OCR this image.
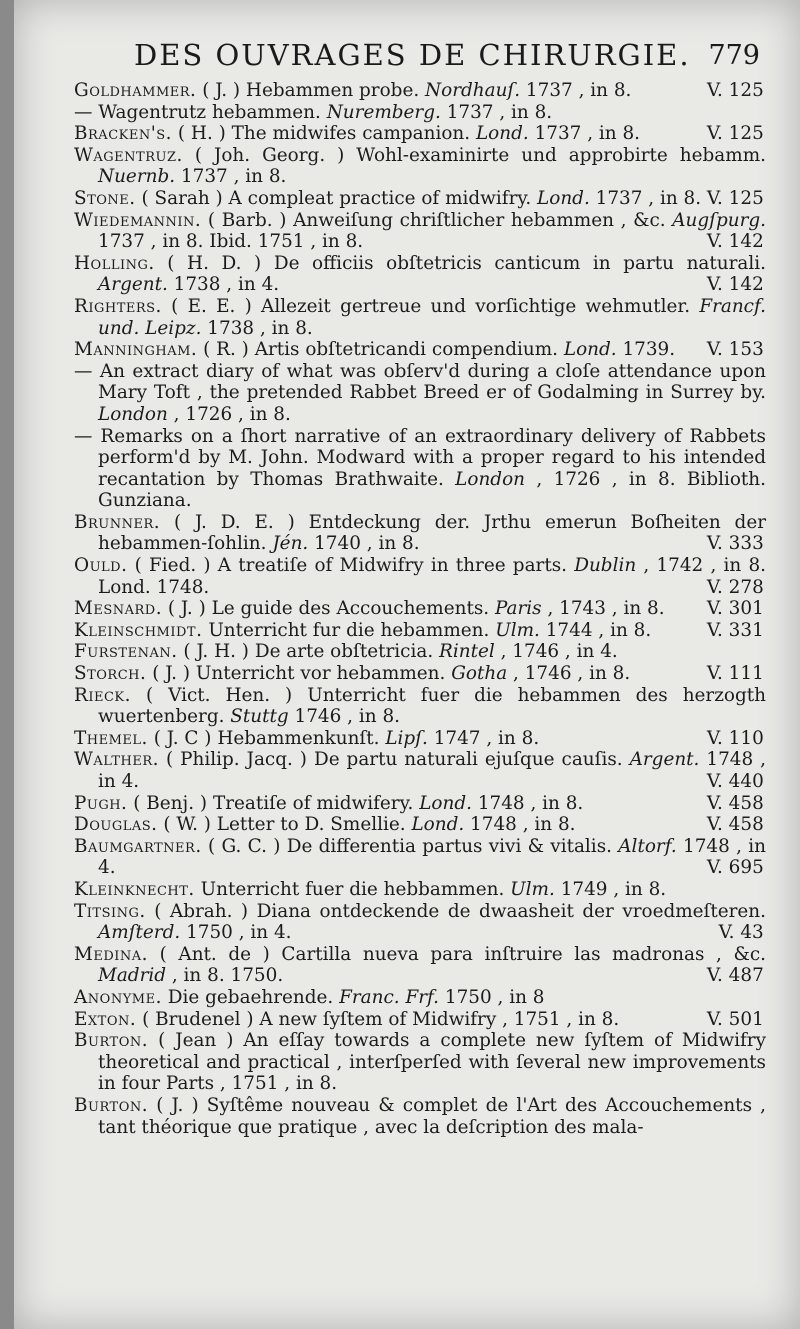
DES OUVRAGES DE CHIRURGIE. 779
Goldhammer. ( J. ) Hebammen probe. Nordhauſ. 1737 , in 8.	V. 125
— Wagentrutz hebammen. Nuremberg. 1737 , in 8.
Bracken's. ( H. ) The midwifes campanion. Lond. 1737 , in 8.	V. 125
Wagentruz. ( Joh. Georg. ) Wohl-examinirte und approbirte hebamm. Nuernb. 1737 , in 8.
Stone. ( Sarah ) A compleat practice of midwifry. Lond. 1737 , in 8. V. 125
Wiedemannin. ( Barb. ) Anweiſung chriſtlicher hebammen , &c. Augſpurg. 1737 , in 8. Ibid. 1751 , in 8.	V. 142
Holling. ( H. D. ) De officiis obſtetricis canticum in partu naturali. Argent. 1738 , in 4.	V. 142
Righters. ( E. E. ) Allezeit gertreue und vorſichtige wehmutler. Francf. und. Leipz. 1738 , in 8.
Manningham. ( R. ) Artis obſtetricandi compendium. Lond. 1739. V. 153
— An extract diary of what was obſerv'd during a cloſe attendance upon Mary Toft , the pretended Rabbet Breed er of Godalming in Surrey by. London , 1726 , in 8.
— Remarks on a ſhort narrative of an extraordinary delivery of Rabbets perform'd by M. John. Modward with a proper regard to his intended recantation by Thomas Brathwaite. London , 1726 , in 8. Biblioth. Gunziana.
Brunner. ( J. D. E. ) Entdeckung der. Jrthu emerun Boſheiten der hebammen-ſohlin. Jén. 1740 , in 8.	V. 333
Ould. ( Fied. ) A treatiſe of Midwifry in three parts. Dublin , 1742 , in 8. Lond. 1748.	V. 278
Mesnard. ( J. ) Le guide des Accouchements. Paris , 1743 , in 8. V. 301
Kleinschmidt. Unterricht fur die hebammen. Ulm. 1744 , in 8.	V. 331
Furstenan. ( J. H. ) De arte obſtetricia. Rintel , 1746 , in 4.
Storch. ( J. ) Unterricht vor hebammen. Gotha , 1746 , in 8.	V. 111
Rieck. ( Vict. Hen. ) Unterricht fuer die hebammen des herzogth wuertenberg. Stuttg 1746 , in 8.
Themel. ( J. C ) Hebammenkunſt. Lipſ. 1747 , in 8.	V. 110
Walther. ( Philip. Jacq. ) De partu naturali ejuſque cauſis. Argent. 1748 , in 4.	V. 440
Pugh. ( Benj. ) Treatiſe of midwifery. Lond. 1748 , in 8.	V. 458
Douglas. ( W. ) Letter to D. Smellie. Lond. 1748 , in 8.	V. 458
Baumgartner. ( G. C. ) De differentia partus vivi & vitalis. Altorf. 1748 , in 4.	V. 695
Kleinknecht. Unterricht fuer die hebbammen. Ulm. 1749 , in 8.
Titsing. ( Abrah. ) Diana ontdeckende de dwaasheit der vroedmeſteren. Amſterd. 1750 , in 4.	V. 43
Medina. ( Ant. de ) Cartilla nueva para inſtruire las madronas , &c. Madrid , in 8. 1750.	V. 487
Anonyme. Die gebaehrende. Franc. Frf. 1750 , in 8
Exton. ( Brudenel ) A new ſyſtem of Midwifry , 1751 , in 8.	V. 501
Burton. ( Jean ) An eſſay towards a complete new ſyſtem of Midwifry theoretical and practical , interſperſed with ſeveral new improvements in four Parts , 1751 , in 8.
Burton. ( J. ) Syſtême nouveau & complet de l'Art des Accouchements , tant théorique que pratique , avec la deſcription des mala-
